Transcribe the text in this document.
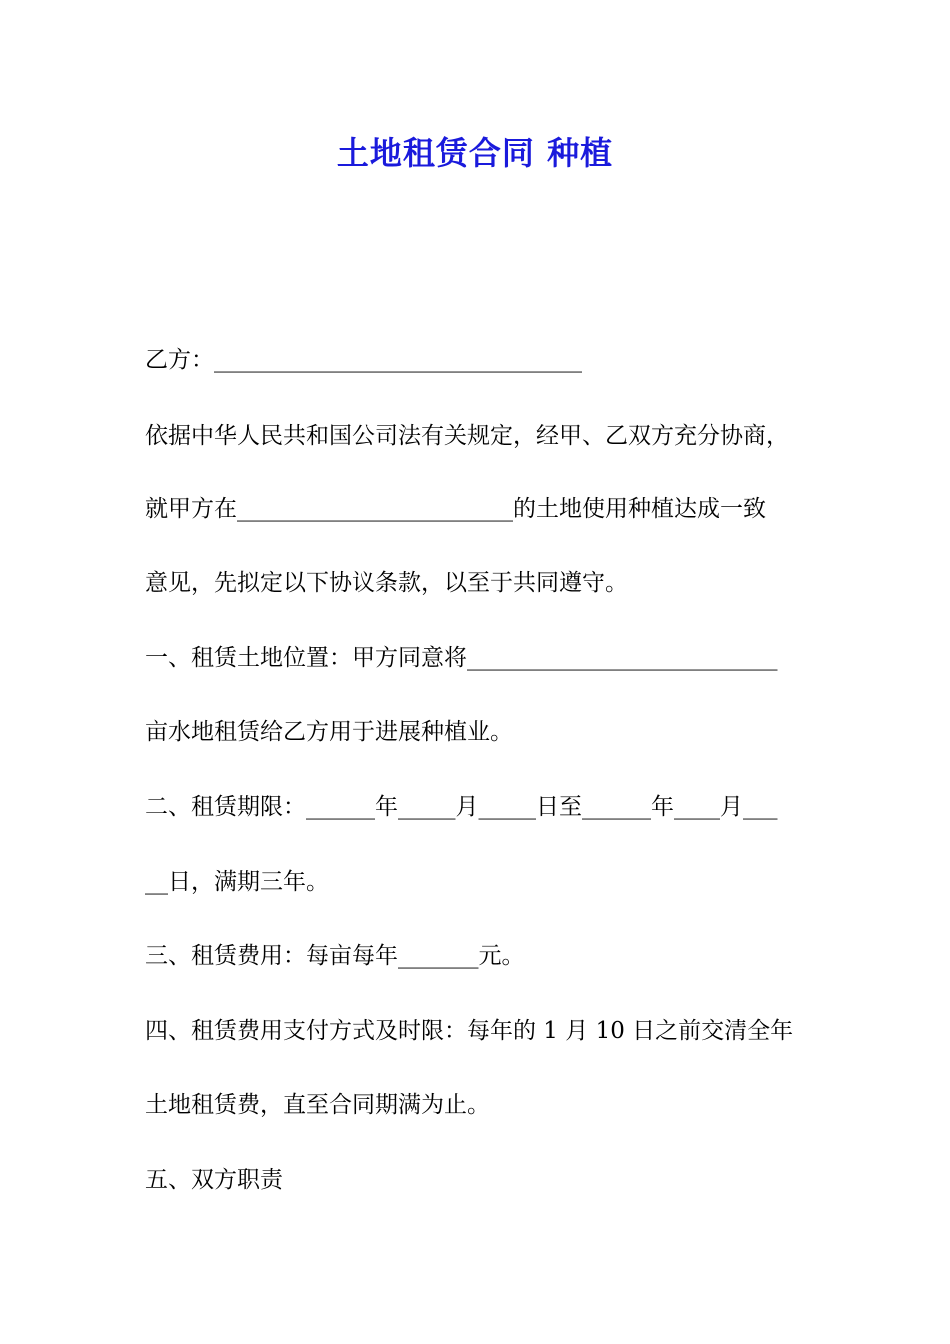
土地租赁合同 种植
乙方：________________________________
依据中华人民共和国公司法有关规定，经甲、乙双方充分协商，
就甲方在________________________的土地使用种植达成一致
意见，先拟定以下协议条款，以至于共同遵守。
一、租赁土地位置：甲方同意将___________________________
亩水地租赁给乙方用于进展种植业。
二、租赁期限：______年_____月_____日至______年____月___
__日，满期三年。
三、租赁费用：每亩每年_______元。
四、租赁费用支付方式及时限：每年的 1 月 10 日之前交清全年
土地租赁费，直至合同期满为止。
五、双方职责
